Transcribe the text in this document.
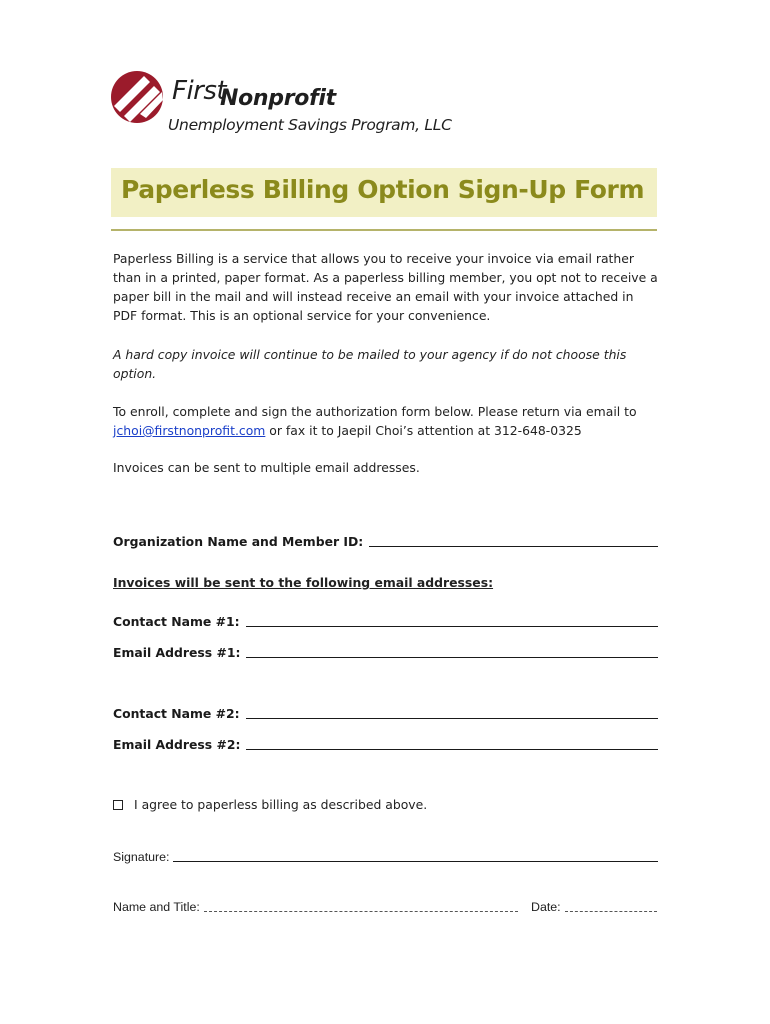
First
Nonprofit
Unemployment Savings Program, LLC
Paperless Billing Option Sign-Up Form

Paperless Billing is a service that allows you to receive your invoice via email rather than in a printed, paper format. As a paperless billing member, you opt not to receive a paper bill in the mail and will instead receive an email with your invoice attached in PDF format. This is an optional service for your convenience.

A hard copy invoice will continue to be mailed to your agency if do not choose this option.

To enroll, complete and sign the authorization form below. Please return via email to jchoi@firstnonprofit.com or fax it to Jaepil Choi’s attention at 312-648-0325

Invoices can be sent to multiple email addresses.

Organization Name and Member ID:
Invoices will be sent to the following email addresses:
Contact Name #1:
Email Address #1:
Contact Name #2:
Email Address #2:
I agree to paperless billing as described above.
Signature:
Name and Title:	Date:
